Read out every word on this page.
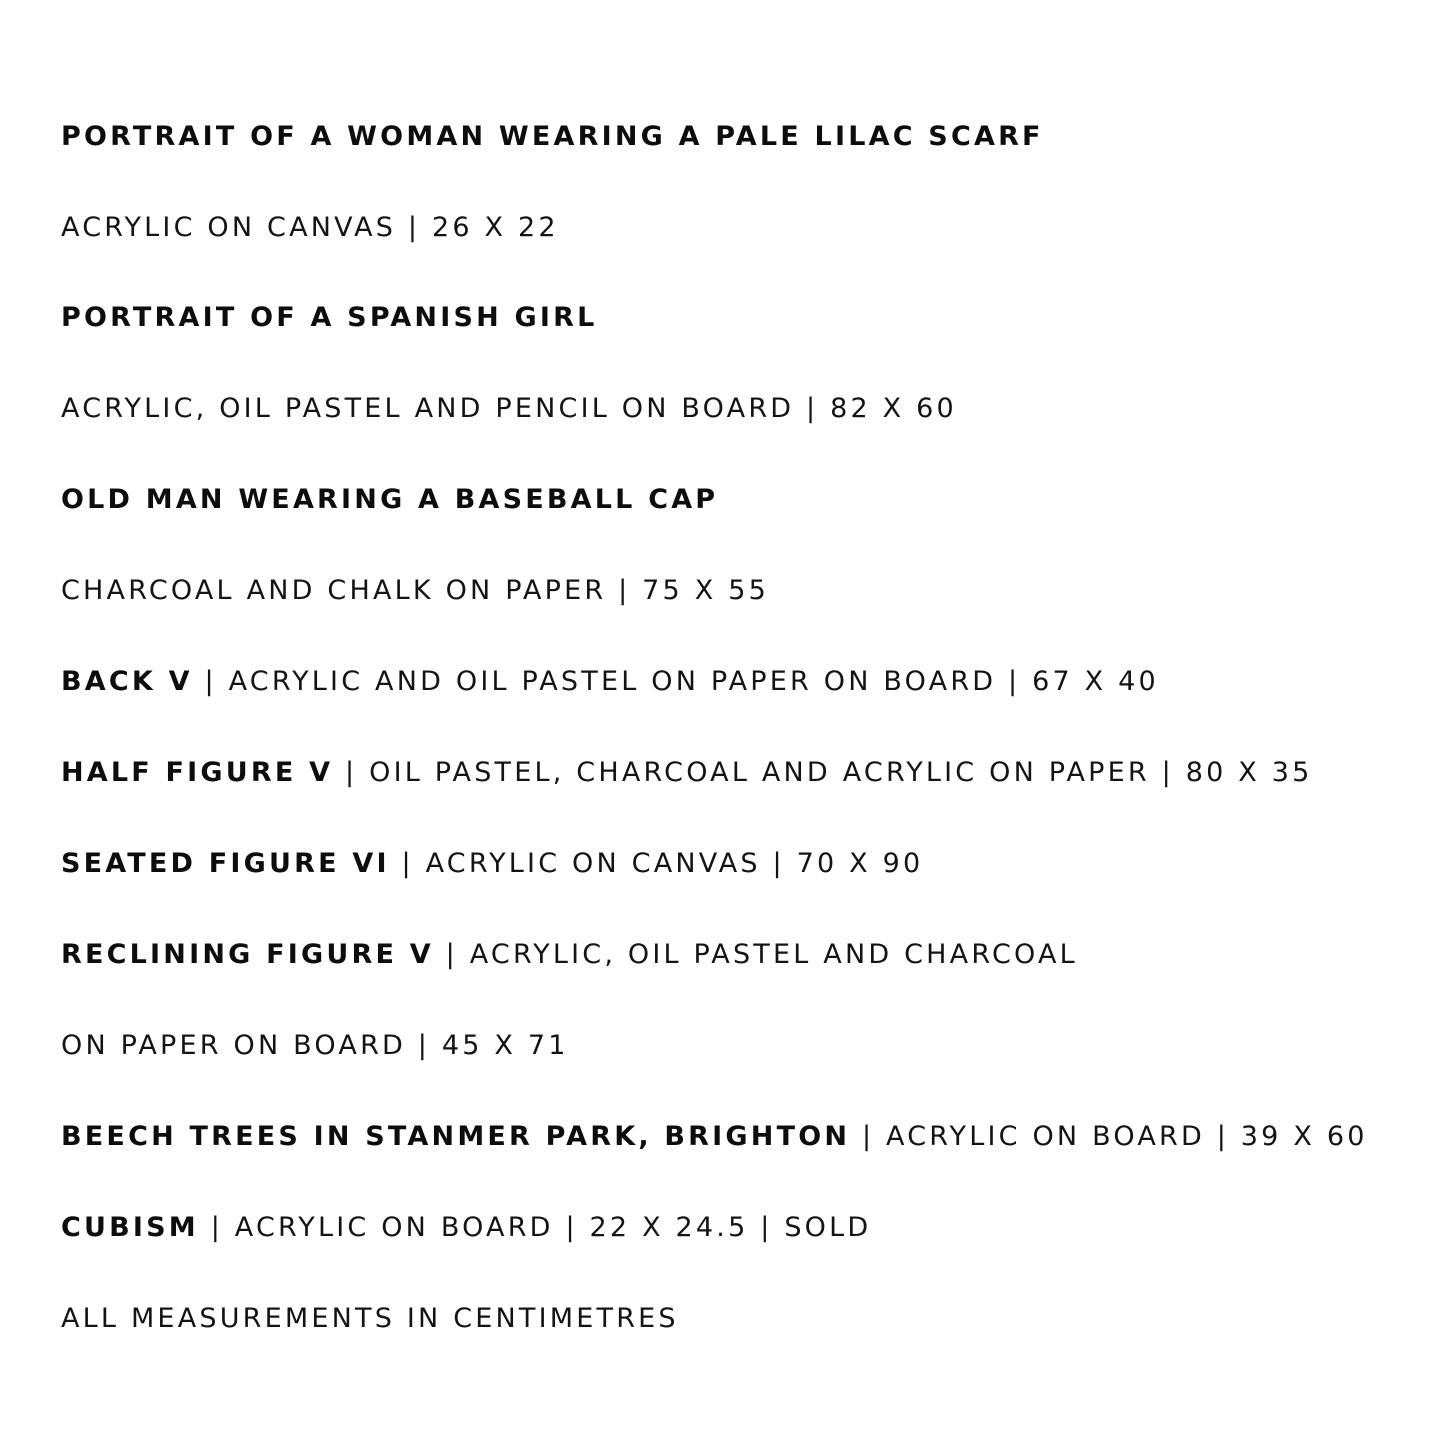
PORTRAIT OF A WOMAN WEARING A PALE LILAC SCARF
ACRYLIC ON CANVAS | 26 X 22
PORTRAIT OF A SPANISH GIRL
ACRYLIC, OIL PASTEL AND PENCIL ON BOARD | 82 X 60
OLD MAN WEARING A BASEBALL CAP
CHARCOAL AND CHALK ON PAPER | 75 X 55
BACK V | ACRYLIC AND OIL PASTEL ON PAPER ON BOARD | 67 X 40
HALF FIGURE V | OIL PASTEL, CHARCOAL AND ACRYLIC ON PAPER | 80 X 35
SEATED FIGURE VI | ACRYLIC ON CANVAS | 70 X 90
RECLINING FIGURE V | ACRYLIC, OIL PASTEL AND CHARCOAL
ON PAPER ON BOARD | 45 X 71
BEECH TREES IN STANMER PARK, BRIGHTON | ACRYLIC ON BOARD | 39 X 60
CUBISM | ACRYLIC ON BOARD | 22 X 24.5 | SOLD
ALL MEASUREMENTS IN CENTIMETRES
